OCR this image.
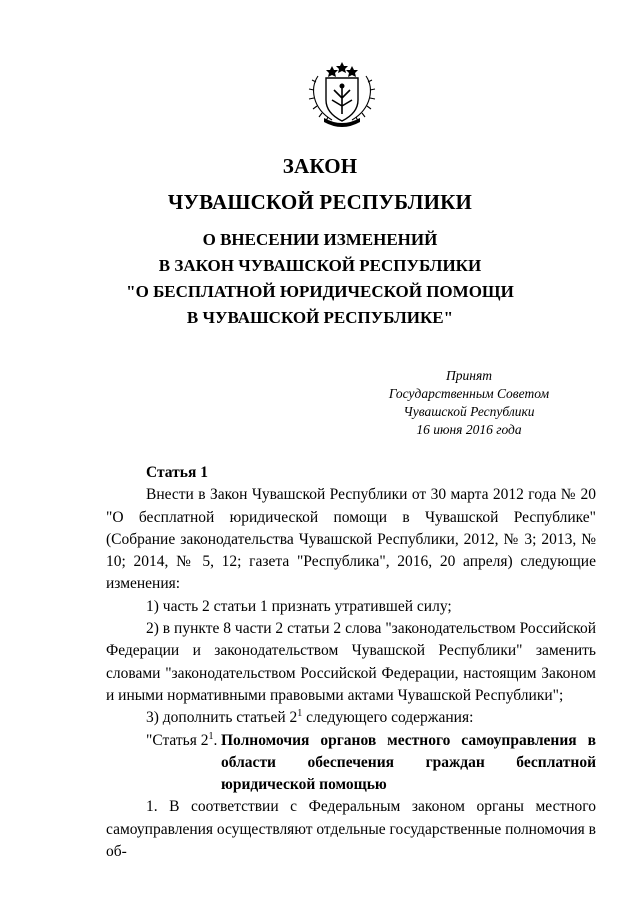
ЗАКОН
ЧУВАШСКОЙ РЕСПУБЛИКИ
О ВНЕСЕНИИ ИЗМЕНЕНИЙ
В ЗАКОН ЧУВАШСКОЙ РЕСПУБЛИКИ
"О БЕСПЛАТНОЙ ЮРИДИЧЕСКОЙ ПОМОЩИ
В ЧУВАШСКОЙ РЕСПУБЛИКЕ"
Принят
Государственным Советом
Чувашской Республики
16 июня 2016 года

Статья 1

Внести в Закон Чувашской Республики от 30 марта 2012 года № 20 "О бесплатной юридической помощи в Чувашской Республике" (Собрание законодательства Чувашской Республики, 2012, № 3; 2013, № 10; 2014, № 5, 12; газета "Республика", 2016, 20 апреля) следующие изменения:

1) часть 2 статьи 1 признать утратившей силу;

2) в пункте 8 части 2 статьи 2 слова "законодательством Российской Федерации и законодательством Чувашской Республики" заменить словами "законодательством Российской Федерации, настоящим Законом и иными нормативными правовыми актами Чувашской Республики";

3) дополнить статьей $2^1$ следующего содержания:

"Статья $2^1$. Полномочия органов местного самоуправления в области обеспечения граждан бесплатной юридической помощью

1. В соответствии с Федеральным законом органы местного самоуправления осуществляют отдельные государственные полномочия в об-
